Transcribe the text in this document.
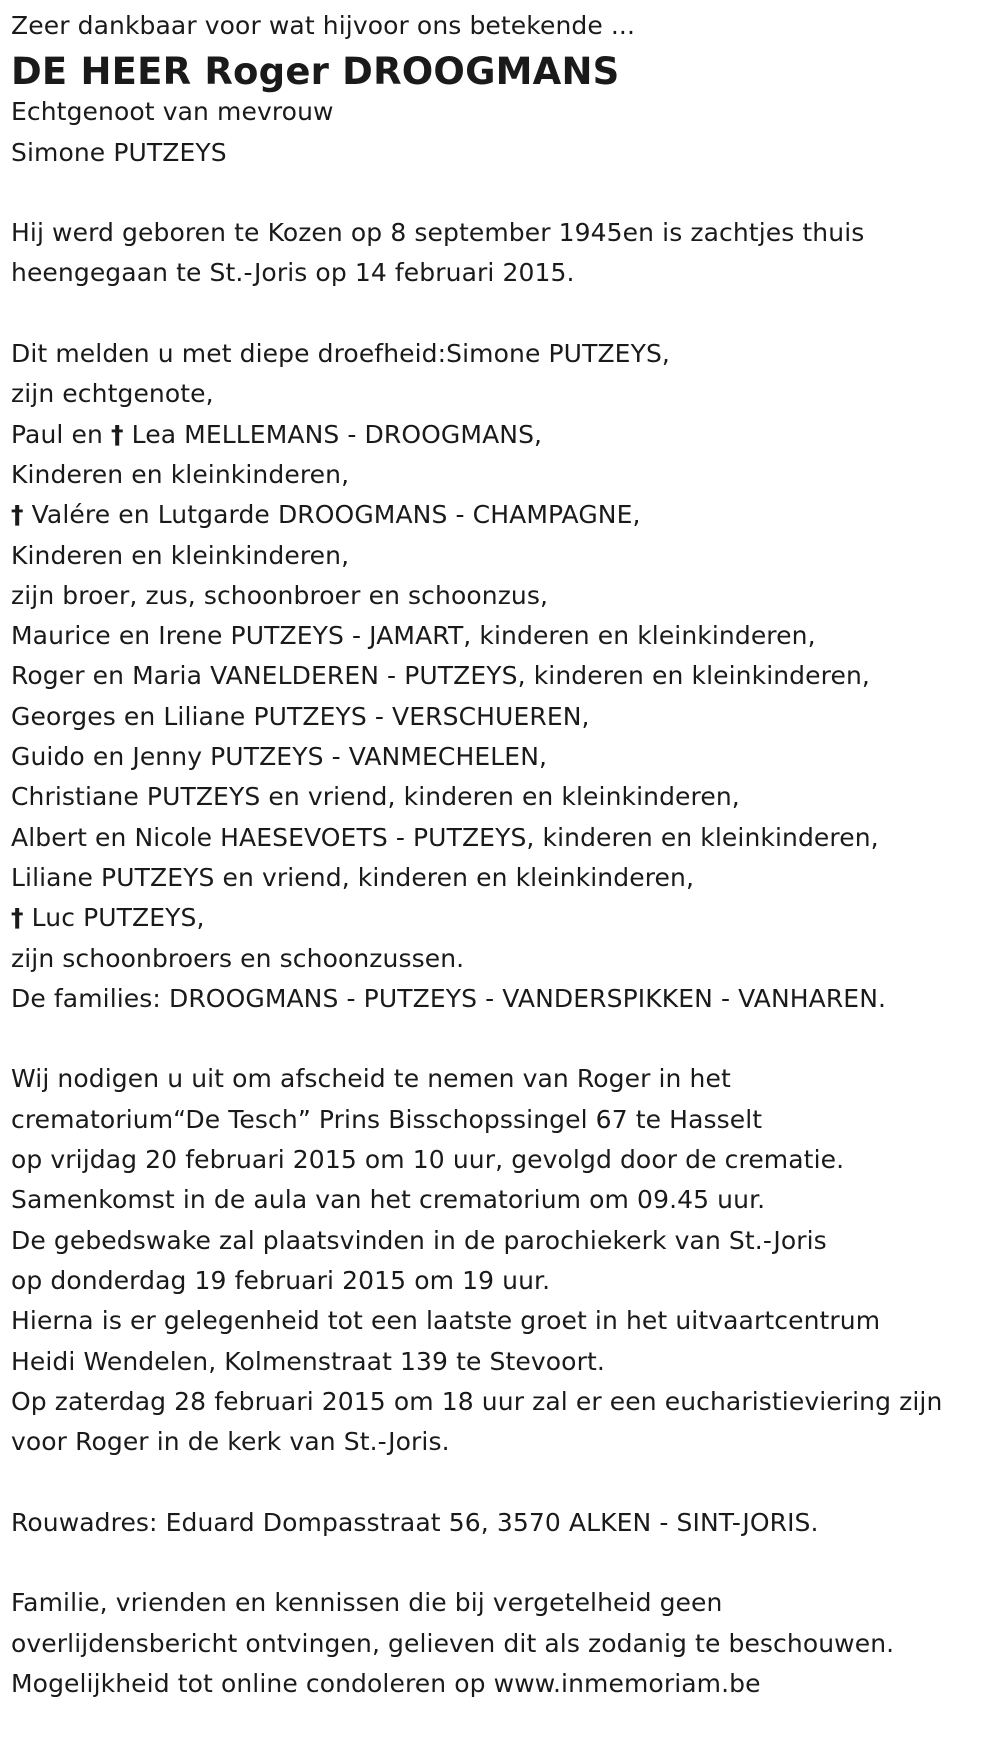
Zeer dankbaar voor wat hijvoor ons betekende ...
DE HEER Roger DROOGMANS
Echtgenoot van mevrouw
Simone PUTZEYS
Hij werd geboren te Kozen op 8 september 1945en is zachtjes thuis
heengegaan te St.-Joris op 14 februari 2015.
Dit melden u met diepe droefheid:Simone PUTZEYS,
zijn echtgenote,
Paul en † Lea MELLEMANS - DROOGMANS,
Kinderen en kleinkinderen,
† Valére en Lutgarde DROOGMANS - CHAMPAGNE,
Kinderen en kleinkinderen,
zijn broer, zus, schoonbroer en schoonzus,
Maurice en Irene PUTZEYS - JAMART, kinderen en kleinkinderen,
Roger en Maria VANELDEREN - PUTZEYS, kinderen en kleinkinderen,
Georges en Liliane PUTZEYS - VERSCHUEREN,
Guido en Jenny PUTZEYS - VANMECHELEN,
Christiane PUTZEYS en vriend, kinderen en kleinkinderen,
Albert en Nicole HAESEVOETS - PUTZEYS, kinderen en kleinkinderen,
Liliane PUTZEYS en vriend, kinderen en kleinkinderen,
† Luc PUTZEYS,
zijn schoonbroers en schoonzussen.
De families: DROOGMANS - PUTZEYS - VANDERSPIKKEN - VANHAREN.
Wij nodigen u uit om afscheid te nemen van Roger in het
crematorium“De Tesch” Prins Bisschopssingel 67 te Hasselt
op vrijdag 20 februari 2015 om 10 uur, gevolgd door de crematie.
Samenkomst in de aula van het crematorium om 09.45 uur.
De gebedswake zal plaatsvinden in de parochiekerk van St.-Joris
op donderdag 19 februari 2015 om 19 uur.
Hierna is er gelegenheid tot een laatste groet in het uitvaartcentrum
Heidi Wendelen, Kolmenstraat 139 te Stevoort.
Op zaterdag 28 februari 2015 om 18 uur zal er een eucharistieviering zijn
voor Roger in de kerk van St.-Joris.
Rouwadres: Eduard Dompasstraat 56, 3570 ALKEN - SINT-JORIS.
Familie, vrienden en kennissen die bij vergetelheid geen
overlijdensbericht ontvingen, gelieven dit als zodanig te beschouwen.
Mogelijkheid tot online condoleren op www.inmemoriam.be
